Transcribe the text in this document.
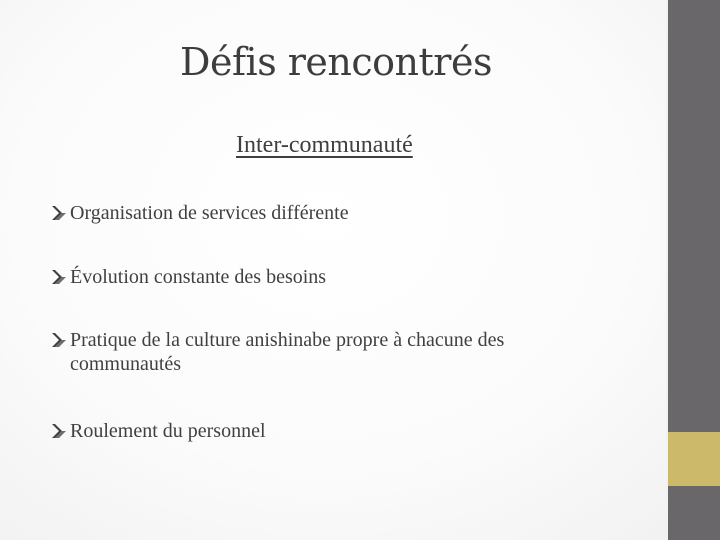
Défis rencontrés
Inter-communauté
Organisation de services différente
Évolution constante des besoins
Pratique de la culture anishinabe propre à chacune des communautés
Roulement du personnel
